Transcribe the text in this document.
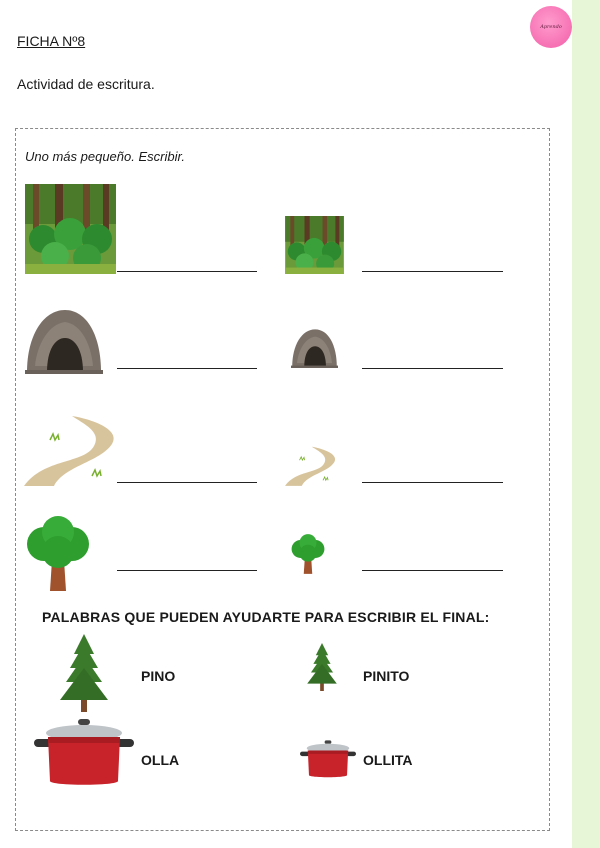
Aprendo
FICHA Nº8
Actividad de escritura.
Uno más pequeño. Escribir.
PALABRAS QUE PUEDEN AYUDARTE PARA ESCRIBIR EL FINAL:
PINO	PINITO
OLLA	OLLITA
